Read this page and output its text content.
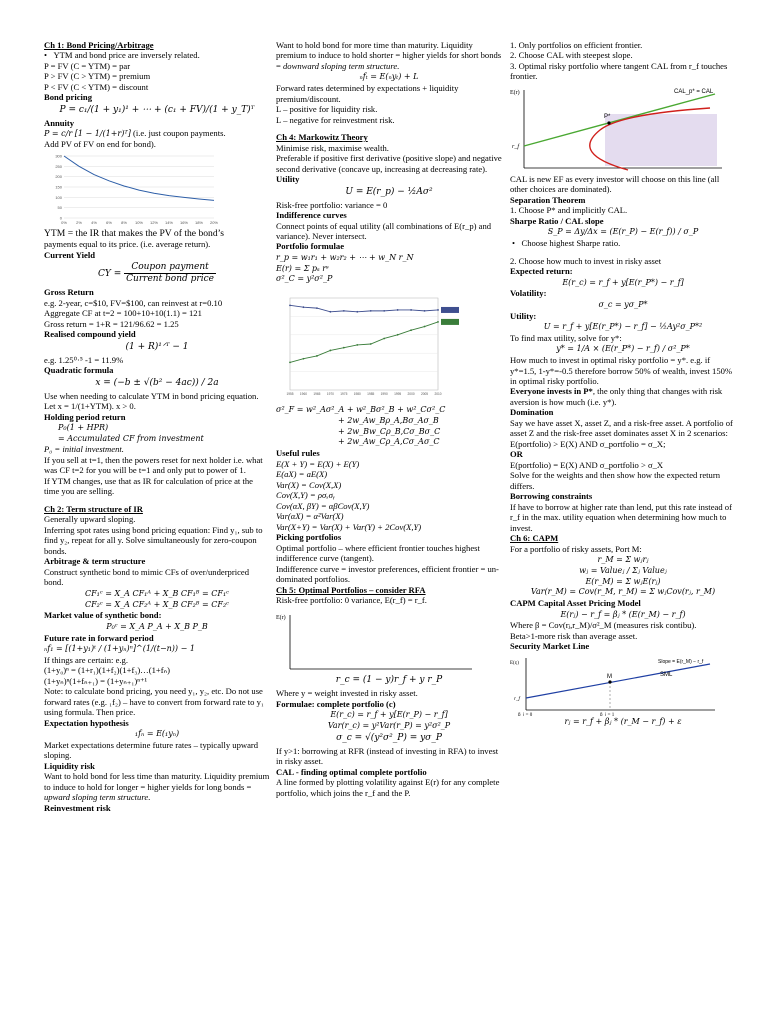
Ch 1: Bond Pricing/Arbitrage

•   YTM and bond price are inversely related.

P = FV (C = YTM) = par

P > FV (C > YTM) = premium

P < FV (C < YTM) = discount

Bond pricing

P = c₁/(1 + y₁)¹ + ⋯ + (c₁ + FV)/(1 + y_T)ᵀ

Annuity

P = c/r [1 − 1/(1+r)ᵀ] (i.e. just coupon payments.

Add PV of FV on end for bond).

0
50
100
150
200
250
300
0% 2% 4% 6% 8% 10% 12% 14% 16% 18% 20%

YTM = the IR that makes the PV of the bond’s

payments equal to its price. (i.e. average return).

Current Yield

CY = $\frac{\text{Coupon payment}}{\text{Current bond price}}$

Gross Return

e.g. 2-year, c=$10, FV=$100, can reinvest at r=0.10

Aggregate CF at t=2 = 100+10+10(1.1) = 121

Gross return = 1+R = 121/96.62 = 1.25

Realised compound yield

(1 + R)¹ᐟᵀ − 1

e.g. 1.25⁰·⁵ -1 = 11.9%

Quadratic formula

x = (−b ± √(b² − 4ac)) / 2a

Use when needing to calculate YTM in bond pricing equation. Let x = 1/(1+YTM). x > 0.

Holding period return

P₀(1 + HPR)

= Accumulated CF from investment

P₀ = initial investment.

If you sell at t=1, then the powers reset for next holder i.e. what was CF t=2 for you will be t=1 and only put to power of 1.

If YTM changes, use that as IR for calculation of price at the time you are selling.

Ch 2: Term structure of IR

Generally upward sloping.

Inferring spot rates using bond pricing equation: Find y₁, sub to find y₂, repeat for all y. Solve simultaneously for zero-coupon bonds.

Arbitrage & term structure

Construct synthetic bond to mimic CFs of over/underpriced bond.

CF₁ᶜ = X_A CF₁ᴬ + X_B CF₁ᴮ = CF₁ᶜ

CF₂ᶜ = X_A CF₂ᴬ + X_B CF₂ᴮ = CF₂ᶜ

Market value of synthetic bond:

P₀ᶜ = X_A P_A + X_B P_B

Future rate in forward period

ₙf₁ = [(1+y₁)ᵗ / (1+yₙ)ⁿ]^(1/(t−n)) − 1

If things are certain: e.g.

(1+y₀)ⁿ = (1+r₁)(1+f₂)(1+f₃)…(1+fₙ)

(1+yₙ)ⁿ(1+fₙ₊₁) = (1+yₙ₊₁)ⁿ⁺¹

Note: to calculate bond pricing, you need y₁, y₂, etc. Do not use forward rates (e.g. ₁f₂) – have to convert from forward rate to y₁ using formula. Then price.

Expectation hypothesis

₁fₙ = E(₁yₙ)

Market expectations determine future rates – typically upward sloping.

Liquidity risk

Want to hold bond for less time than maturity. Liquidity premium to induce to hold for longer = higher yields for long bonds = upward sloping term structure.

Reinvestment risk

Want to hold bond for more time than maturity. Liquidity premium to induce to hold shorter = higher yields for short bonds = downward sloping term structure.

ₙfₜ = E(ₙyₜ) + L

Forward rates determined by expectations + liquidity premium/discount.

L – positive for liquidity risk.

L – negative for reinvestment risk.

Ch 4: Markowitz Theory

Minimise risk, maximise wealth.

Preferable if positive first derivative (positive slope) and negative second derivative (concave up, increasing at decreasing rate).

Utility

U = E(r_p) − ½Aσ²

Risk-free portfolio: variance = 0

Indifference curves

Connect points of equal utility (all combinations of E(r_p) and variance). Never intersect.

Portfolio formulae

r_p = w₁r₁ + w₂r₂ + ⋯ + w_N r_N

E(r) = Σ pₛ rˢ

σ²_C = y²σ²_P

1955 1960 1965 1970 1975 1980 1985 1990 1995 2000 2005 2010

σ²_F = w²_Aσ²_A + w²_Bσ²_B + w²_Cσ²_C

+ 2w_Aw_Bρ_A,Bσ_Aσ_B

+ 2w_Bw_Cρ_B,Cσ_Bσ_C

+ 2w_Aw_Cρ_A,Cσ_Aσ_C

Useful rules

E(X + Y) = E(X) + E(Y)

E(aX) = aE(X)

Var(X) = Cov(X,X)

Cov(X,Y) = ρσₓσᵧ

Cov(αX, βY) = αβCov(X,Y)

Var(αX) = α²Var(X)

Var(X+Y) = Var(X) + Var(Y) + 2Cov(X,Y)

Picking portfolios

Optimal portfolio – where efficient frontier touches highest indifference curve (tangent).

Indifference curve = investor preferences, efficient frontier = un-dominated portfolios.

Ch 5: Optimal Portfolios – consider RFA

Risk-free portfolio: 0 variance, E(r_f) = r_f.

E(r)

r_c = (1 − y)r_f + y r_P

Where y = weight invested in risky asset.

Formulae: complete portfolio (c)

E(r_c) = r_f + y[E(r_P) − r_f]

Var(r_c) = y²Var(r_P) = y²σ²_P

σ_c = √(y²σ²_P) = yσ_P

If y>1: borrowing at RFR (instead of investing in RFA) to invest in risky asset.

CAL - finding optimal complete portfolio

A line formed by plotting volatility against E(r) for any complete portfolio, which joins the r_f and the P.

1. Only portfolios on efficient frontier.

2. Choose CAL with steepest slope.

3. Optimal risky portfolio where tangent CAL from r_f touches frontier.

P*
CAL_p* = CAL
E(r)
r_f

CAL is new EF as every investor will choose on this line (all other choices are dominated).

Separation Theorem

1. Choose P* and implicitly CAL.

Sharpe Ratio / CAL slope

S_P = Δy/Δx = (E(r_P) − E(r_f)) / σ_P

•   Choose highest Sharpe ratio.

2. Choose how much to invest in risky asset

Expected return:

E(r_c) = r_f + y[E(r_P*) − r_f]

Volatility:

σ_c = yσ_P*

Utility:

U = r_f + y[E(r_P*) − r_f] − ½Ay²σ_P*²

To find max utility, solve for y*:

y* = 1/A × (E(r_P*) − r_f) / σ²_P*

How much to invest in optimal risky portfolio = y*. e.g. if y*=1.5, 1-y*=-0.5 therefore borrow 50% of wealth, invest 150% in optimal risky portfolio.

Everyone invests in P*, the only thing that changes with risk aversion is how much (i.e. y*).

Domination

Say we have asset X, asset Z, and a risk-free asset. A portfolio of asset Z and the risk-free asset dominates asset X in 2 scenarios:

E(portfolio) > E(X) AND σ_portfolio = σ_X;

OR

E(portfolio) = E(X) AND σ_portfolio > σ_X

Solve for the weights and then show how the expected return differs.

Borrowing constraints

If have to borrow at higher rate than lend, put this rate instead of r_f in the max. utility equation when determining how much to invest.

Ch 6: CAPM

For a portfolio of risky assets, Port M:

r_M = Σ wⱼrⱼ

wⱼ = Valueⱼ / Σⱼ Valueⱼ

E(r_M) = Σ wⱼE(rⱼ)

Var(r_M) = Cov(r_M, r_M) = Σ wⱼCov(rⱼ, r_M)

CAPM Capital Asset Pricing Model

E(rⱼ) − r_f = βⱼ * (E(r_M) − r_f)

Where β = Cov(rⱼ,r_M)/σ²_M (measures risk contibu).

Beta>1-more risk than average asset.

Security Market Line

M	SML
Slope = E(r_M) − r_f
E(rⱼ)
r_f
β_j = 1
β_j = 0

rⱼ = r_f + βⱼ * (r_M − r_f) + ε
